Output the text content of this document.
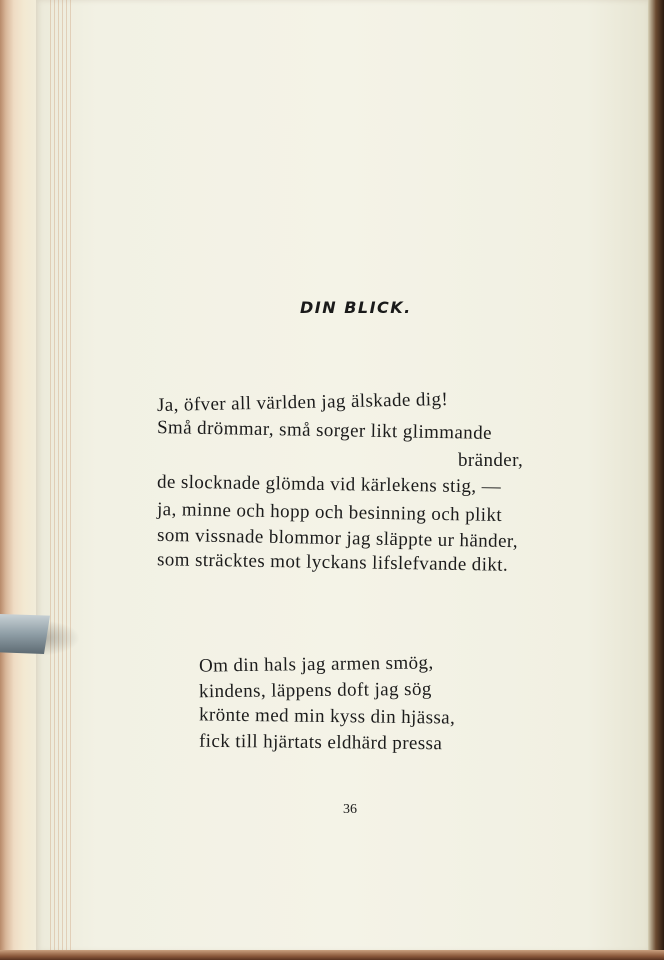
DIN BLICK.
Ja, öfver all världen jag älskade dig!
Små drömmar, små sorger likt glimmande
bränder,
de slocknade glömda vid kärlekens stig, —
ja, minne och hopp och besinning och plikt
som vissnade blommor jag släppte ur händer,
som sträcktes mot lyckans lifslefvande dikt.
Om din hals jag armen smög,
kindens, läppens doft jag sög
krönte med min kyss din hjässa,
fick till hjärtats eldhärd pressa
36
